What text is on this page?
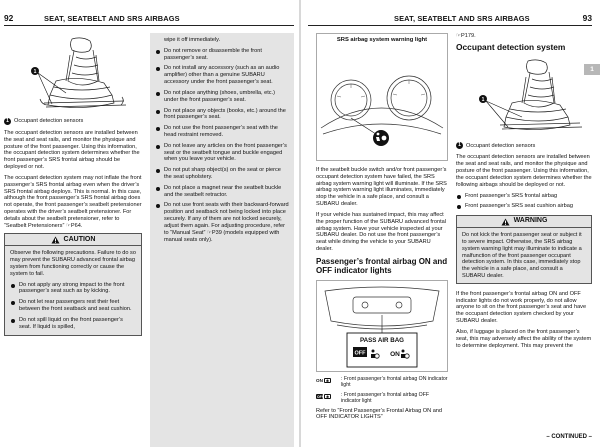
92	SEAT, SEATBELT AND SRS AIRBAGS
1
1 Occupant detection sensors

The occupant detection sensors are installed between the seat and seat rails, and monitor the physique and posture of the front passenger. Using this information, the occupant detection system determines whether the front passenger’s SRS frontal airbag should be deployed or not.

The occupant detection system may not inflate the front passenger’s SRS frontal airbag even when the driver’s SRS frontal airbag deploys. This is normal. In this case, although the front passenger’s SRS frontal airbag does not operate, the front passenger’s seatbelt pretensioner operates with the driver’s seatbelt pretensioner. For details about the seatbelt pretensioner, refer to “Seatbelt Pretensioners” ☞P64.

CAUTION

Observe the following precautions. Failure to do so may prevent the SUBARU advanced frontal airbag system from functioning correctly or cause the system to fail.

Do not apply any strong impact to the front passenger’s seat such as by kicking.
Do not let rear passengers rest their feet between the front seatback and seat cushion.
Do not spill liquid on the front passenger’s seat. If liquid is spilled,

wipe it off immediately.

Do not remove or disassemble the front passenger’s seat.
Do not install any accessory (such as an audio amplifier) other than a genuine SUBARU accessory under the front passenger’s seat.
Do not place anything (shoes, umbrella, etc.) under the front passenger’s seat.
Do not place any objects (books, etc.) around the front passenger’s seat.
Do not use the front passenger’s seat with the head restraint removed.
Do not leave any articles on the front passenger’s seat or the seatbelt tongue and buckle engaged when you leave your vehicle.
Do not put sharp object(s) on the seat or pierce the seat upholstery.
Do not place a magnet near the seatbelt buckle and the seatbelt retractor.
Do not use front seats with their backward-forward position and seatback not being locked into place securely. If any of them are not locked securely, adjust them again. For adjusting procedure, refer to “Manual Seat” ☞P39 (models equipped with manual seats only).
SEAT, SEATBELT AND SRS AIRBAGS	93
SRS airbag system warning light

If the seatbelt buckle switch and/or front passenger’s occupant detection system have failed, the SRS airbag system warning light will illuminate. If the SRS airbag system warning light illuminates, immediately stop the vehicle in a safe place, and consult a SUBARU dealer.

If your vehicle has sustained impact, this may affect the proper function of the SUBARU advanced frontal airbag system. Have your vehicle inspected at your SUBARU dealer. Do not use the front passenger’s seat while driving the vehicle to your SUBARU dealer.

Passenger’s frontal airbag ON and OFF indicator lights
PASS AIR BAG
OFF	ON
ON ✱	: Front passenger’s frontal airbag ON indicator light
OFF ✱	: Front passenger’s frontal airbag OFF indicator light

Refer to “Front Passenger’s Frontal Airbag ON and OFF INDICATOR LIGHTS”

☞P179.

Occupant detection system
1
1 Occupant detection sensors

The occupant detection sensors are installed between the seat and seat rails, and monitor the physique and posture of the front passenger. Using this information, the occupant detection system determines whether the following airbags should be deployed or not.

Front passenger’s SRS frontal airbag
Front passenger’s SRS seat cushion airbag
WARNING

Do not kick the front passenger seat or subject it to severe impact. Otherwise, the SRS airbag system warning light may illuminate to indicate a malfunction of the front passenger occupant detection system. In this case, immediately stop the vehicle in a safe place, and consult a SUBARU dealer.

If the front passenger’s frontal airbag ON and OFF indicator lights do not work properly, do not allow anyone to sit on the front passenger’s seat and have the occupant detection system checked by your SUBARU dealer.

Also, if luggage is placed on the front passenger’s seat, this may adversely affect the ability of the system to determine deployment. This may prevent the

– CONTINUED –
1
